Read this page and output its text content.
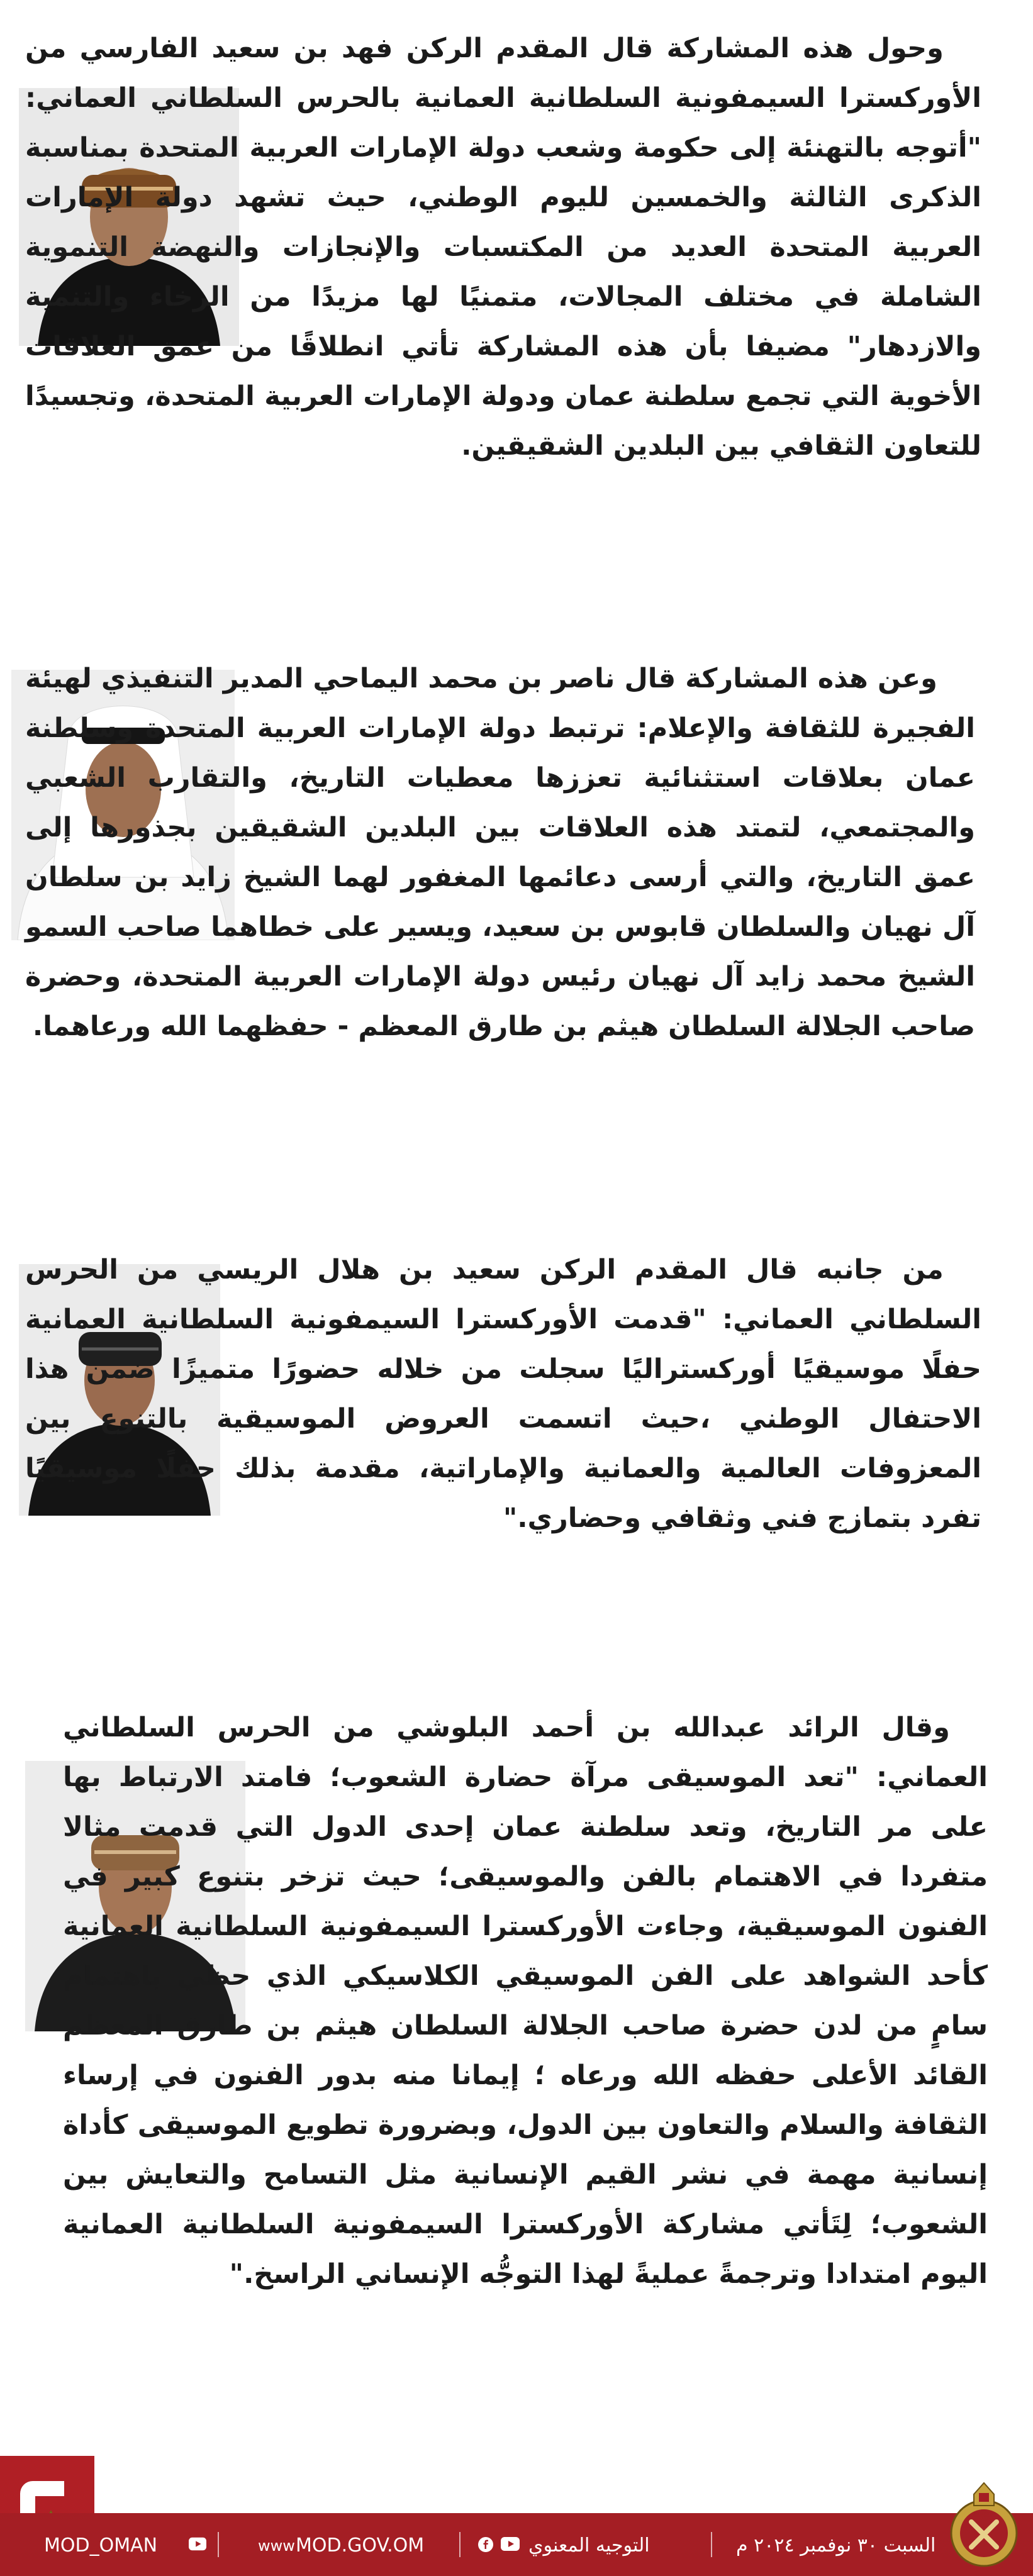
وحول هذه المشاركة قال المقدم الركن فهد بن سعيد الفارسي من الأوركسترا السيمفونية السلطانية العمانية بالحرس السلطاني العماني: "أتوجه بالتهنئة إلى حكومة وشعب دولة الإمارات العربية المتحدة بمناسبة الذكرى الثالثة والخمسين لليوم الوطني، حيث تشهد دولة الإمارات العربية المتحدة العديد من المكتسبات والإنجازات والنهضة التنموية الشاملة في مختلف المجالات، متمنيًا لها مزيدًا من الرخاء والتنمية والازدهار" مضيفا بأن هذه المشاركة تأتي انطلاقًا من عمق العلاقات الأخوية التي تجمع سلطنة عمان ودولة الإمارات العربية المتحدة، وتجسيدًا للتعاون الثقافي بين البلدين الشقيقين.

وعن هذه المشاركة قال ناصر بن محمد اليماحي المدير التنفيذي لهيئة الفجيرة للثقافة والإعلام: ترتبط دولة الإمارات العربية المتحدة وسلطنة عمان بعلاقات استثنائية تعززها معطيات التاريخ، والتقارب الشعبي والمجتمعي، لتمتد هذه العلاقات بين البلدين الشقيقين بجذورها إلى عمق التاريخ، والتي أرسى دعائمها المغفور لهما الشيخ زايد بن سلطان آل نهيان والسلطان قابوس بن سعيد، ويسير على خطاهما صاحب السمو الشيخ محمد زايد آل نهيان رئيس دولة الإمارات العربية المتحدة، وحضرة صاحب الجلالة السلطان هيثم بن طارق المعظم - حفظهما الله ورعاهما.

من جانبه قال المقدم الركن سعيد بن هلال الريسي من الحرس السلطاني العماني: "قدمت الأوركسترا السيمفونية السلطانية العمانية حفلًا موسيقيًا أوركستراليًا سجلت من خلاله حضورًا متميزًا ضمن هذا الاحتفال الوطني ،حيث اتسمت العروض الموسيقية بالتنوع بين المعزوفات العالمية والعمانية والإماراتية، مقدمة بذلك حفلًا موسيقيًا تفرد بتمازج فني وثقافي وحضاري."

وقال الرائد عبدالله بن أحمد البلوشي من الحرس السلطاني العماني: "تعد الموسيقى مرآة حضارة الشعوب؛ فامتد الارتباط بها على مر التاريخ، وتعد سلطنة عمان إحدى الدول التي قدمت مثالا متفردا في الاهتمام بالفن والموسيقى؛ حيث تزخر بتنوع كبير في الفنون الموسيقية، وجاءت الأوركسترا السيمفونية السلطانية العمانية كأحد الشواهد على الفن الموسيقي الكلاسيكي الذي حظي باهتمام سامٍ من لدن حضرة صاحب الجلالة السلطان هيثم بن طارق المعظم القائد الأعلى حفظه الله ورعاه ؛ إيمانا منه بدور الفنون في إرساء الثقافة والسلام والتعاون بين الدول، وبضرورة تطويع الموسيقى كأداة إنسانية مهمة في نشر القيم الإنسانية مثل التسامح والتعايش بين الشعوب؛ لِتَأتي مشاركة الأوركسترا السيمفونية السلطانية العمانية اليوم امتدادا وترجمةً عمليةً لهذا التوجُّه الإنساني الراسخ."

MOD_OMAN	www MOD.GOV.OM	التوجيه المعنوي	السبت ٣٠ نوفمبر ٢٠٢٤ م
